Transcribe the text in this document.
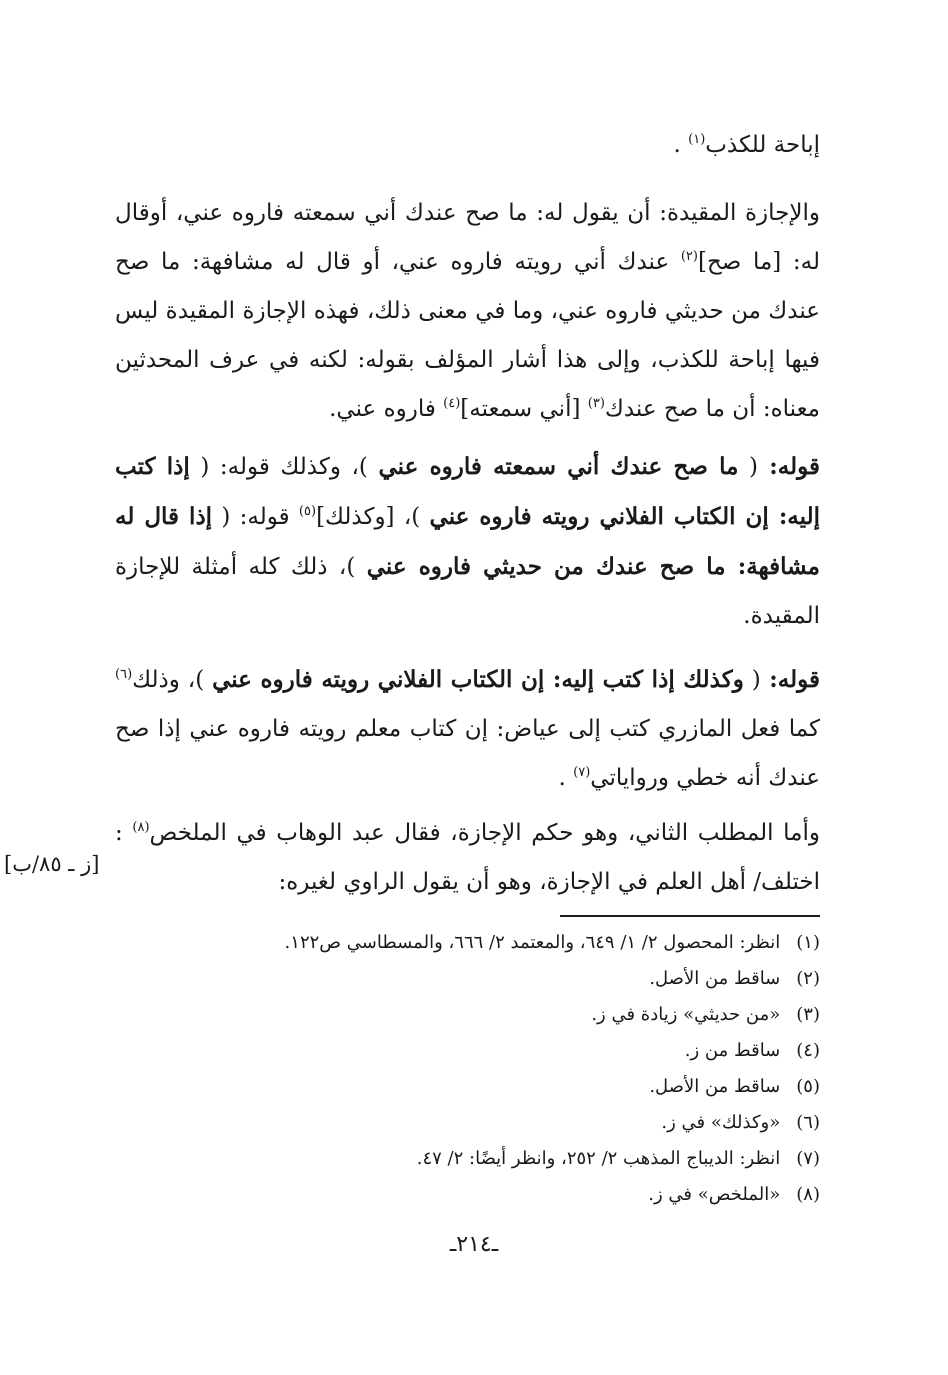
إباحة للكذب$^{(١)}$ .

والإجازة المقيدة: أن يقول له: ما صح عندك أني سمعته فاروه عني، أوقال له: [ما صح]$^{(٢)}$ عندك أني رويته فاروه عني، أو قال له مشافهة: ما صح عندك من حديثي فاروه عني، وما في معنى ذلك، فهذه الإجازة المقيدة ليس فيها إباحة للكذب، وإلى هذا أشار المؤلف بقوله: لكنه في عرف المحدثين معناه: أن ما صح عندك$^{(٣)}$ [أني سمعته]$^{(٤)}$ فاروه عني.

قوله: ( ما صح عندك أني سمعته فاروه عني )، وكذلك قوله: ( إذا كتب إليه: إن الكتاب الفلاني رويته فاروه عني )، [وكذلك]$^{(٥)}$ قوله: ( إذا قال له مشافهة: ما صح عندك من حديثي فاروه عني )، ذلك كله أمثلة للإجازة المقيدة.

قوله: ( وكذلك إذا كتب إليه: إن الكتاب الفلاني رويته فاروه عني )، وذلك$^{(٦)}$ كما فعل المازري كتب إلى عياض: إن كتاب معلم رويته فاروه عني إذا صح عندك أنه خطي ورواياتي$^{(٧)}$ .

وأما المطلب الثاني، وهو حكم الإجازة، فقال عبد الوهاب في الملخص$^{(٨)}$ : اختلف/ أهل العلم في الإجازة، وهو أن يقول الراوي لغيره:

[ز ـ ٨٥/ب]
(١) انظر: المحصول ٢/ ١/ ٦٤٩، والمعتمد ٢/ ٦٦٦، والمسطاسي ص١٢٢.
(٢) ساقط من الأصل.
(٣) «من حديثي» زيادة في ز.
(٤) ساقط من ز.
(٥) ساقط من الأصل.
(٦) «وكذلك» في ز.
(٧) انظر: الديباج المذهب ٢/ ٢٥٢، وانظر أيضًا: ٢/ ٤٧.
(٨) «الملخص» في ز.
ـ٢١٤ـ
